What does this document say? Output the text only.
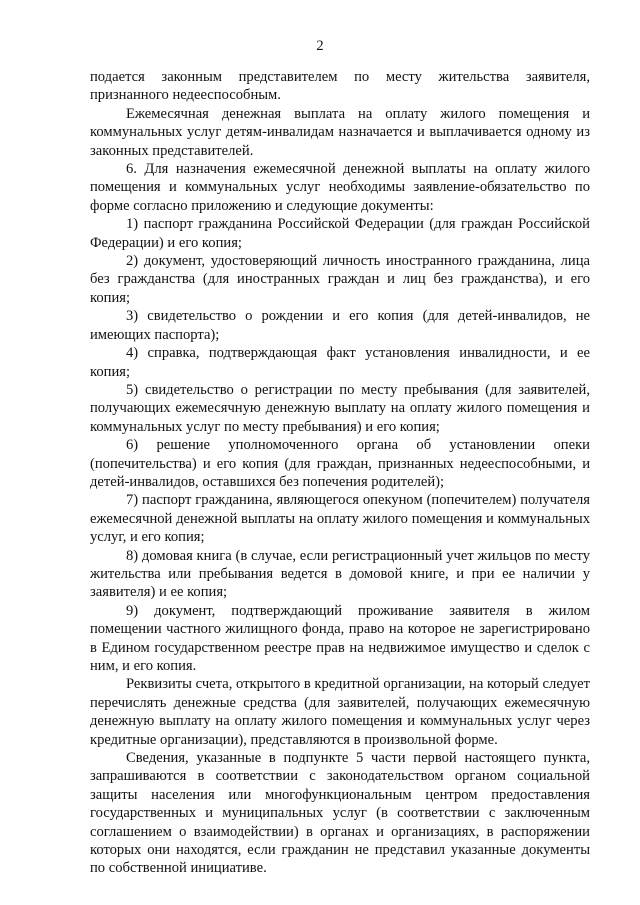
2

подается законным представителем по месту жительства заявителя, признанного недееспособным.

Ежемесячная денежная выплата на оплату жилого помещения и коммунальных услуг детям-инвалидам назначается и выплачивается одному из законных представителей.

6. Для назначения ежемесячной денежной выплаты на оплату жилого помещения и коммунальных услуг необходимы заявление-обязательство по форме согласно приложению и следующие документы:

1) паспорт гражданина Российской Федерации (для граждан Российской Федерации) и его копия;

2) документ, удостоверяющий личность иностранного гражданина, лица без гражданства (для иностранных граждан и лиц без гражданства), и его копия;

3) свидетельство о рождении и его копия (для детей-инвалидов, не имеющих паспорта);

4) справка, подтверждающая факт установления инвалидности, и ее копия;

5) свидетельство о регистрации по месту пребывания (для заявителей, получающих ежемесячную денежную выплату на оплату жилого помещения и коммунальных услуг по месту пребывания) и его копия;

6) решение уполномоченного органа об установлении опеки (попечительства) и его копия (для граждан, признанных недееспособными, и детей-инвалидов, оставшихся без попечения родителей);

7) паспорт гражданина, являющегося опекуном (попечителем) получателя ежемесячной денежной выплаты на оплату жилого помещения и коммунальных услуг, и его копия;

8) домовая книга (в случае, если регистрационный учет жильцов по месту жительства или пребывания ведется в домовой книге, и при ее наличии у заявителя) и ее копия;

9) документ, подтверждающий проживание заявителя в жилом помещении частного жилищного фонда, право на которое не зарегистрировано в Едином государственном реестре прав на недвижимое имущество и сделок с ним, и его копия.

Реквизиты счета, открытого в кредитной организации, на который следует перечислять денежные средства (для заявителей, получающих ежемесячную денежную выплату на оплату жилого помещения и коммунальных услуг через кредитные организации), представляются в произвольной форме.

Сведения, указанные в подпункте 5 части первой настоящего пункта, запрашиваются в соответствии с законодательством органом социальной защиты населения или многофункциональным центром предоставления государственных и муниципальных услуг (в соответствии с заключенным соглашением о взаимодействии) в органах и организациях, в распоряжении которых они находятся, если гражданин не представил указанные документы по собственной инициативе.
